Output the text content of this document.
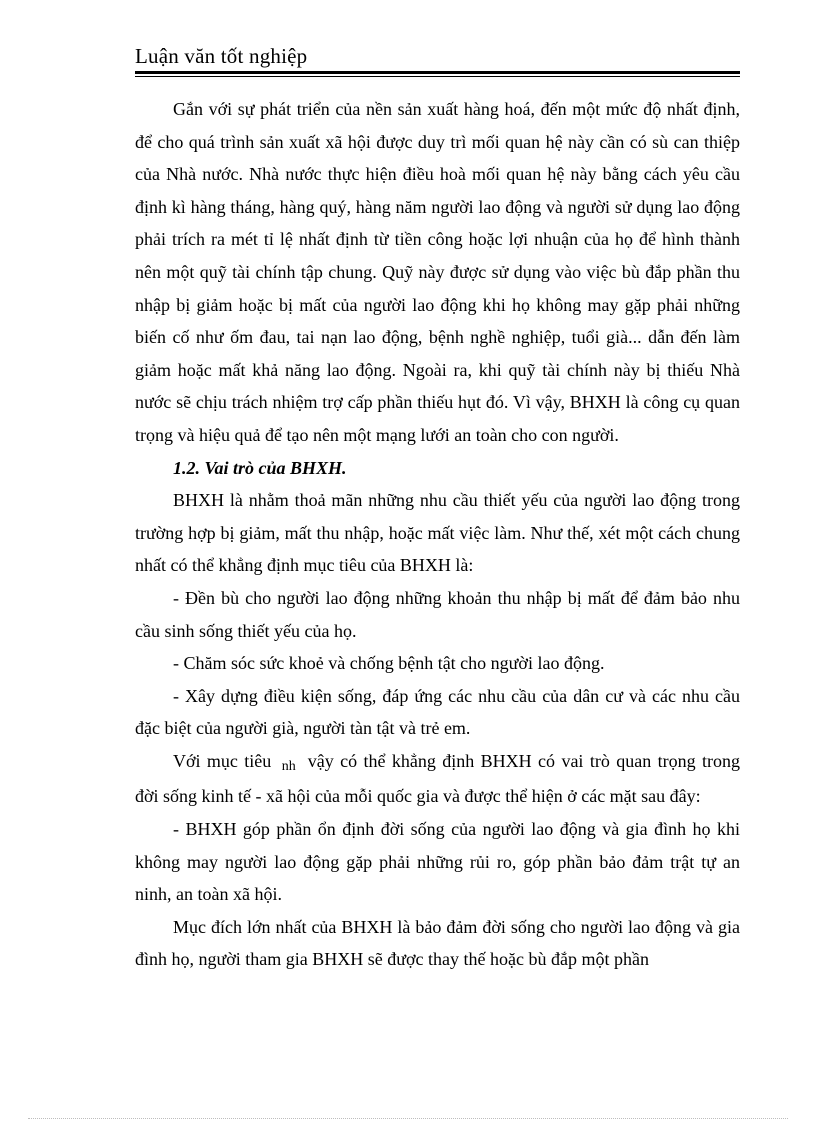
Luận văn tốt nghiệp

Gắn với sự phát triển của nền sản xuất hàng hoá, đến một mức độ nhất định, để cho quá trình sản xuất xã hội được duy trì mối quan hệ này cần có sù can thiệp của Nhà nước. Nhà nước thực hiện điều hoà mối quan hệ này bằng cách yêu cầu định kì hàng tháng, hàng quý, hàng năm người lao động và người sử dụng lao động phải trích ra mét tỉ lệ nhất định từ tiền công hoặc lợi nhuận của họ để hình thành nên một quỹ tài chính tập chung. Quỹ này được sử dụng vào việc bù đắp phần thu nhập bị giảm hoặc bị mất của người lao động khi họ không may gặp phải những biến cố như ốm đau, tai nạn lao động, bệnh nghề nghiệp, tuổi già... dẫn đến làm giảm hoặc mất khả năng lao động. Ngoài ra, khi quỹ tài chính này bị thiếu Nhà nước sẽ chịu trách nhiệm trợ cấp phần thiếu hụt đó. Vì vậy, BHXH là công cụ quan trọng và hiệu quả để tạo nên một mạng lưới an toàn cho con người.

1.2. Vai trò của BHXH.

BHXH là nhằm thoả mãn những nhu cầu thiết yếu của người lao động trong trường hợp bị giảm, mất thu nhập, hoặc mất việc làm. Như thế, xét một cách chung nhất có thể khẳng định mục tiêu của BHXH là:

- Đền bù cho người lao động những khoản thu nhập bị mất để đảm bảo nhu cầu sinh sống thiết yếu của họ.

- Chăm sóc sức khoẻ và chống bệnh tật cho người lao động.

- Xây dựng điều kiện sống, đáp ứng các nhu cầu của dân cư và các nhu cầu đặc biệt của người già, người tàn tật và trẻ em.

Với mục tiêu nh vậy có thể khẳng định BHXH có vai trò quan trọng trong đời sống kinh tế - xã hội của mỗi quốc gia và được thể hiện ở các mặt sau đây:

- BHXH góp phần ổn định đời sống của người lao động và gia đình họ khi không may người lao động gặp phải những rủi ro, góp phần bảo đảm trật tự an ninh, an toàn xã hội.

Mục đích lớn nhất của BHXH là bảo đảm đời sống cho người lao động và gia đình họ, người tham gia BHXH sẽ được thay thế hoặc bù đắp một phần
